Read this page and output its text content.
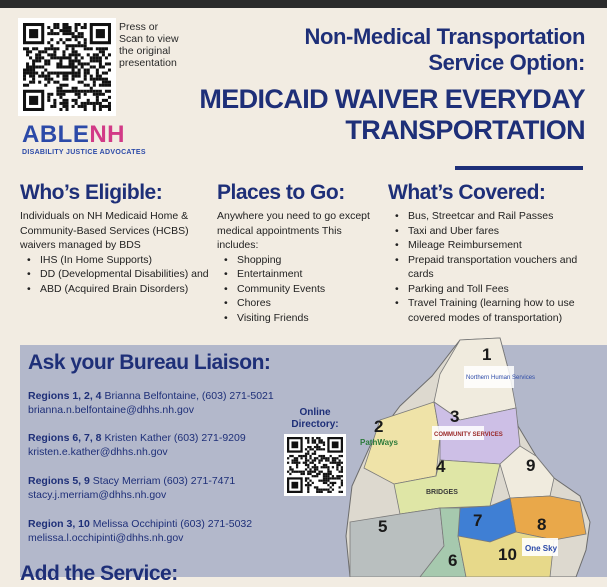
Press or
Scan to view
the original
presentation
ABLENH
DISABILITY JUSTICE ADVOCATES
Non-Medical Transportation
Service Option:
MEDICAID WAIVER EVERYDAY
TRANSPORTATION
Who’s Eligible:
Individuals on NH Medicaid Home & Community-Based Services (HCBS) waivers managed by BDS
• IHS (In Home Supports)
• DD (Developmental Disabilities) and
• ABD (Acquired Brain Disorders)
Places to Go:
Anywhere you need to go except medical appointments This includes:
• Shopping
• Entertainment
• Community Events
• Chores
• Visiting Friends
What’s Covered:
• Bus, Streetcar and Rail Passes
• Taxi and Uber fares
• Mileage Reimbursement
• Prepaid transportation vouchers and cards
• Parking and Toll Fees
• Travel Training (learning how to use covered modes of transportation)
Ask your Bureau Liaison:
Regions 1, 2, 4 Brianna Belfontaine, (603) 271-5021
brianna.n.belfontaine@dhhs.nh.gov
Regions 6, 7, 8 Kristen Kather (603) 271-9209
kristen.e.kather@dhhs.nh.gov
Regions 5, 9 Stacy Merriam (603) 271-7471
stacy.j.merriam@dhhs.nh.gov
Region 3, 10 Melissa Occhipinti (603) 271-5032
melissa.l.occhipinti@dhhs.nh.gov
Online
Directory:
1
2
3
4
5
6
7	8
9
10
Northern Human Services
PathWays
COMMUNITY SERVICES
BRIDGES
One Sky
Add the Service:
